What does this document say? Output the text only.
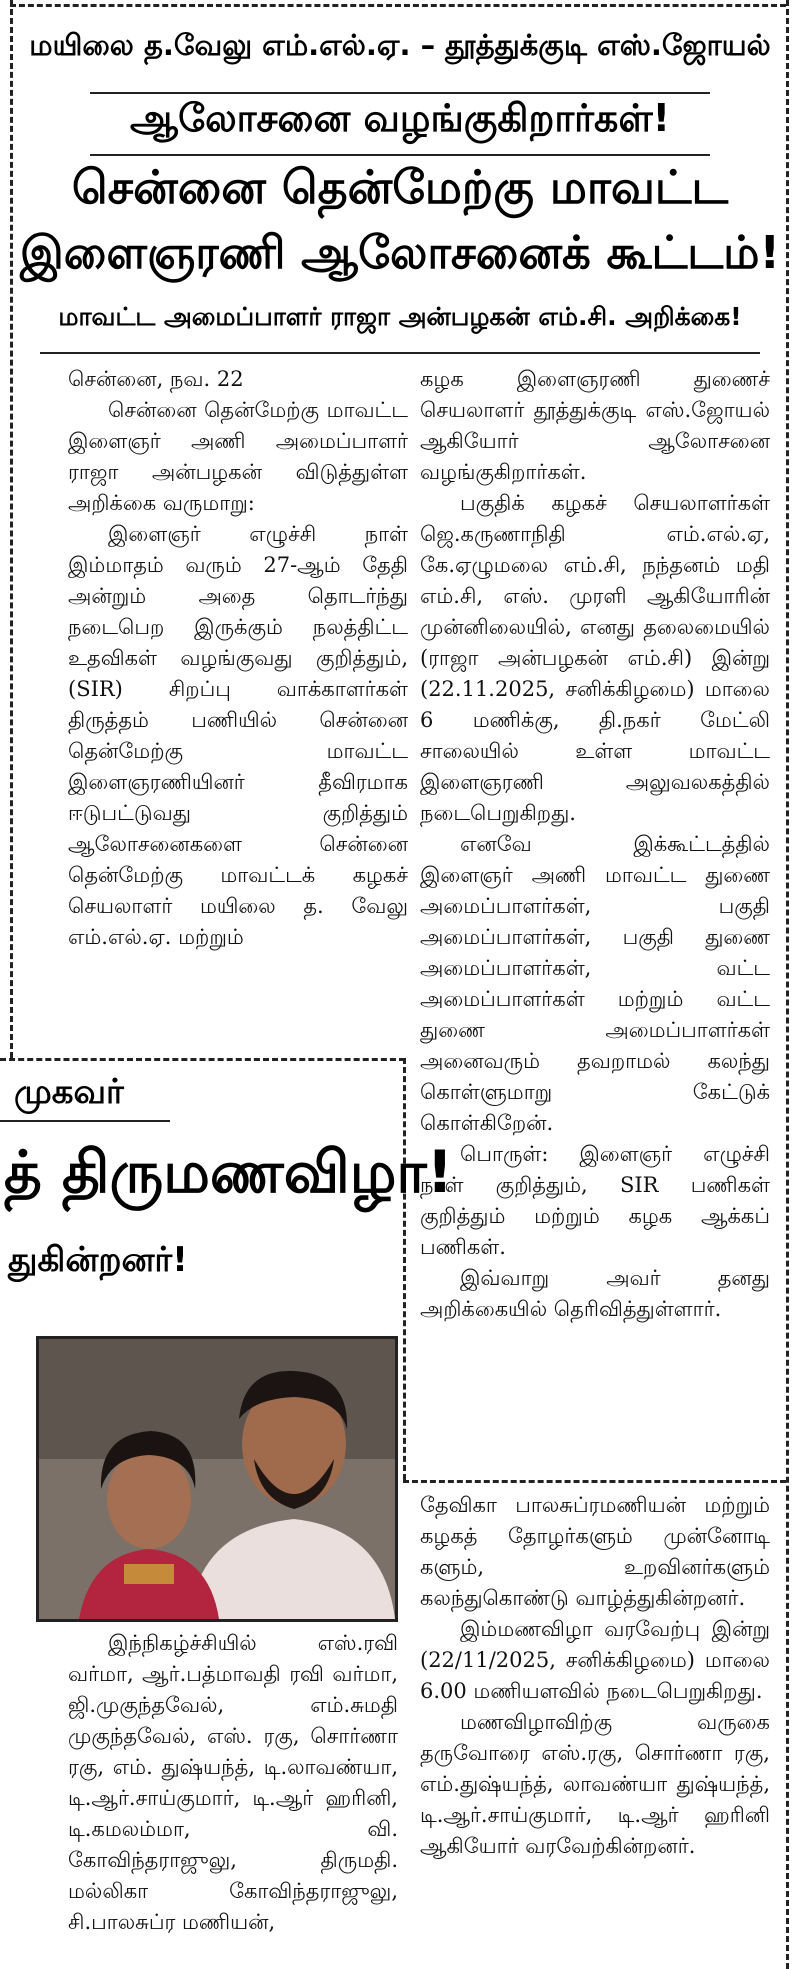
மயிலை த.வேலு எம்.எல்.ஏ. – தூத்துக்குடி எஸ்.ஜோயல்
ஆலோசனை வழங்குகிறார்கள்!
சென்னை தென்மேற்கு மாவட்ட
இளைஞரணி ஆலோசனைக் கூட்டம்!
மாவட்ட அமைப்பாளர் ராஜா அன்பழகன் எம்.சி. அறிக்கை!

சென்னை, நவ. 22

சென்னை தென்மேற்கு மாவட்ட இளைஞர் அணி அமைப்பாளர் ராஜா அன்பழகன் விடுத்துள்ள அறிக்கை வருமாறு:

இளைஞர் எழுச்சி நாள் இம்மாதம் வரும் 27-ஆம் தேதி அன்றும் அதை தொடர்ந்து நடைபெற இருக்கும் நலத்திட்ட உதவிகள் வழங்குவது குறித்தும், (SIR) சிறப்பு வாக்காளர்கள் திருத்தம் பணியில் சென்னை தென்மேற்கு மாவட்ட இளைஞரணியினர் தீவிரமாக ஈடுபட்டுவது குறித்தும் ஆலோசனைகளை சென்னை தென்மேற்கு மாவட்டக் கழகச் செயலாளர் மயிலை த. வேலு எம்.எல்.ஏ. மற்றும்

கழக இளைஞரணி துணைச் செயலாளர் தூத்துக்குடி எஸ்.ஜோயல் ஆகியோர் ஆலோசனை வழங்குகிறார்கள்.

பகுதிக் கழகச் செயலாளர்கள் ஜெ.கருணாநிதி எம்.எல்.ஏ, கே.ஏழுமலை எம்.சி, நந்தனம் மதி எம்.சி, எஸ். முரளி ஆகியோரின் முன்னிலையில், எனது தலைமையில் (ராஜா அன்பழகன் எம்.சி) இன்று (22.11.2025, சனிக்கிழமை) மாலை 6 மணிக்கு, தி.நகர் மேட்லி சாலையில் உள்ள மாவட்ட இளைஞரணி அலுவலகத்தில் நடைபெறுகிறது.

எனவே இக்கூட்டத்தில் இளைஞர் அணி மாவட்ட துணை அமைப்பாளர்கள், பகுதி அமைப்பாளர்கள், பகுதி துணை அமைப்பாளர்கள், வட்ட அமைப்பாளர்கள் மற்றும் வட்ட துணை அமைப்பாளர்கள் அனைவரும் தவறாமல் கலந்து கொள்ளுமாறு கேட்டுக் கொள்கிறேன்.

பொருள்: இளைஞர் எழுச்சி நாள் குறித்தும், SIR பணிகள் குறித்தும் மற்றும் கழக ஆக்கப் பணிகள்.

இவ்வாறு அவர் தனது அறிக்கையில் தெரிவித்துள்ளார்.

முகவர்
த் திருமணவிழா!
துகின்றனர்!

இந்நிகழ்ச்சியில் எஸ்.ரவி வர்மா, ஆர்.பத்மாவதி ரவி வர்மா, ஜி.முகுந்தவேல், எம்.சுமதி முகுந்தவேல், எஸ். ரகு, சொர்ணா ரகு, எம். துஷ்யந்த், டி.லாவண்யா, டி.ஆர்.சாய்குமார், டி.ஆர் ஹரினி, டி.கமலம்மா, வி. கோவிந்தராஜுலு, திருமதி. மல்லிகா கோவிந்தராஜுலு, சி.பாலசுப்ர மணியன்,

தேவிகா பாலசுப்ரமணியன் மற்றும் கழகத் தோழர்களும் முன்னோடி களும், உறவினர்களும் கலந்துகொண்டு வாழ்த்துகின்றனர்.

இம்மணவிழா வரவேற்பு இன்று (22/11/2025, சனிக்கிழமை) மாலை 6.00 மணியளவில் நடைபெறுகிறது.

மணவிழாவிற்கு வருகை தருவோரை எஸ்.ரகு, சொர்ணா ரகு, எம்.துஷ்யந்த், லாவண்யா துஷ்யந்த், டி.ஆர்.சாய்குமார், டி.ஆர் ஹரினி ஆகியோர் வரவேற்கின்றனர்.
